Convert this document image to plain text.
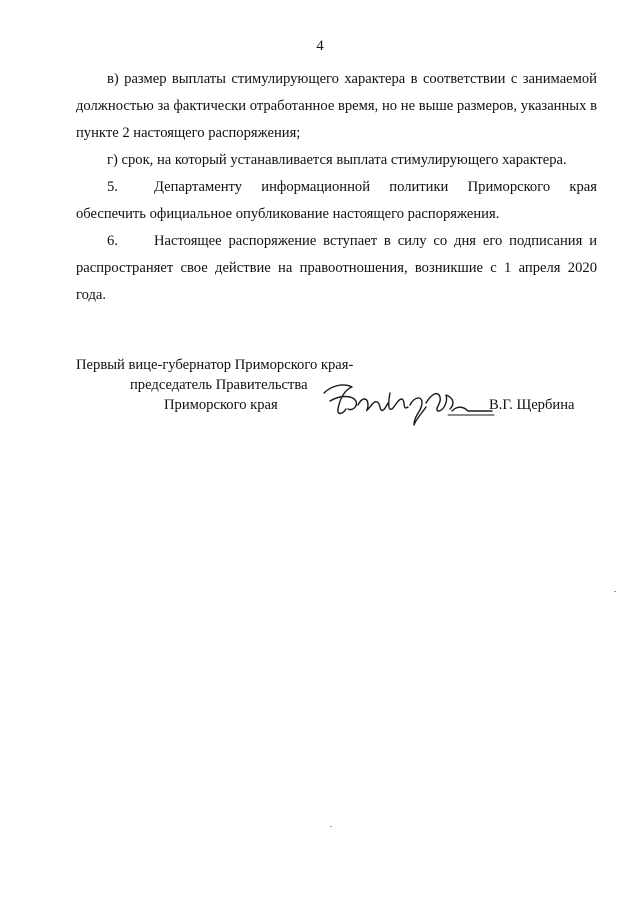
4

в) размер выплаты стимулирующего характера в соответствии с занимаемой должностью за фактически отработанное время, но не выше размеров, указанных в пункте 2 настоящего распоряжения;

г) срок, на который устанавливается выплата стимулирующего характера.

5. Департаменту информационной политики Приморского края обеспечить официальное опубликование настоящего распоряжения.

6. Настоящее распоряжение вступает в силу со дня его подписания и распространяет свое действие на правоотношения, возникшие с 1 апреля 2020 года.

Первый вице-губернатор Приморского края-
председатель Правительства
Приморского края	В.Г. Щербина
